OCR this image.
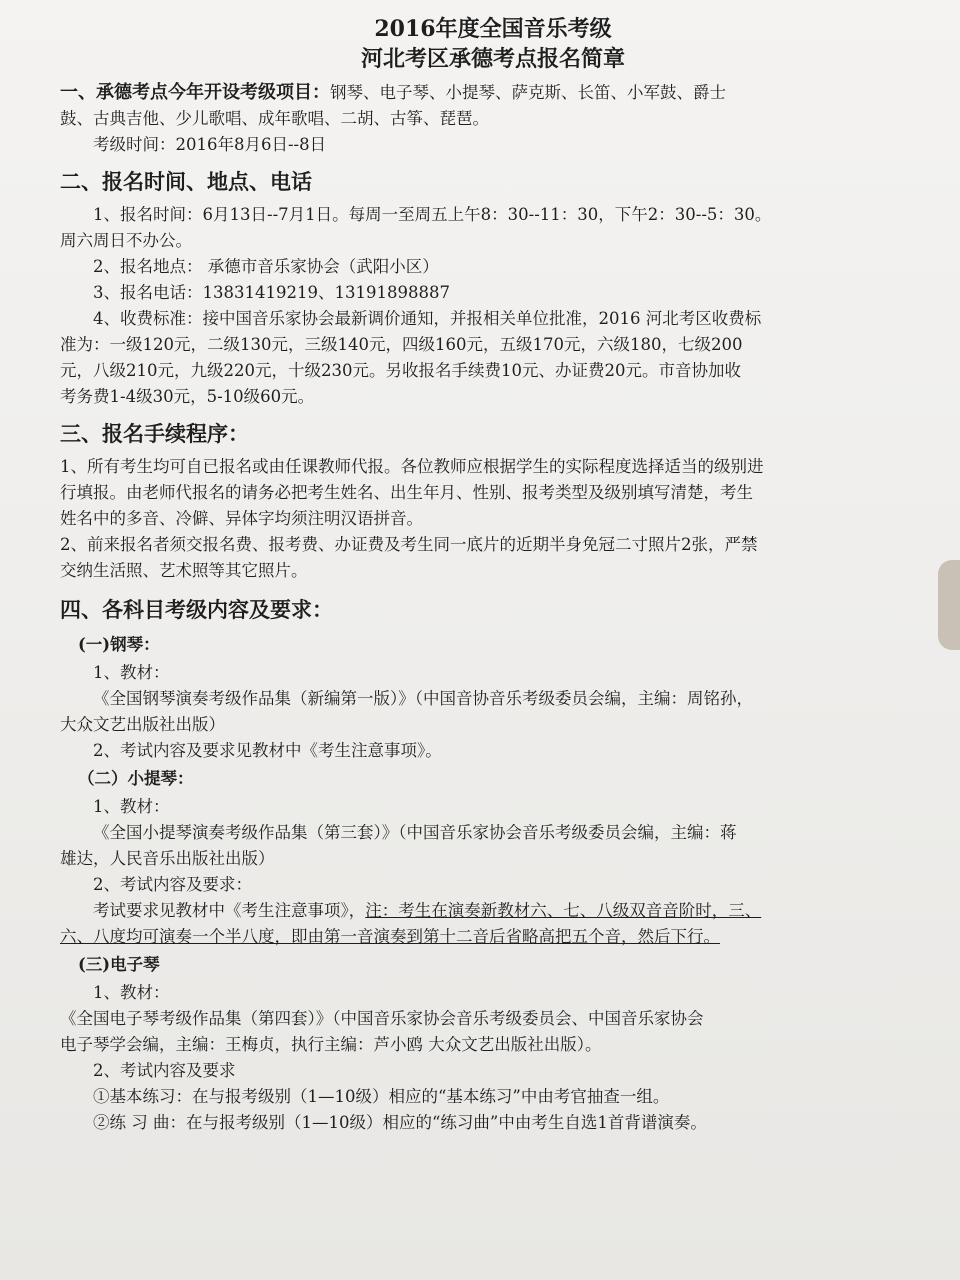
2016年度全国音乐考级
河北考区承德考点报名简章

一、承德考点今年开设考级项目：钢琴、电子琴、小提琴、萨克斯、长笛、小军鼓、爵士

鼓、古典吉他、少儿歌唱、成年歌唱、二胡、古筝、琵琶。

考级时间：2016年8月6日--8日

二、报名时间、地点、电话

1、报名时间：6月13日--7月1日。每周一至周五上午8：30--11：30，下午2：30--5：30。

周六周日不办公。

2、报名地点： 承德市音乐家协会（武阳小区）

3、报名电话：13831419219、13191898887

4、收费标准：接中国音乐家协会最新调价通知，并报相关单位批准，2016 河北考区收费标

准为：一级120元，二级130元，三级140元，四级160元，五级170元，六级180，七级200

元，八级210元，九级220元，十级230元。另收报名手续费10元、办证费20元。市音协加收

考务费1-4级30元，5-10级60元。

三、报名手续程序：

1、所有考生均可自已报名或由任课教师代报。各位教师应根据学生的实际程度选择适当的级别进

行填报。由老师代报名的请务必把考生姓名、出生年月、性别、报考类型及级别填写清楚，考生

姓名中的多音、冷僻、异体字均须注明汉语拼音。

2、前来报名者须交报名费、报考费、办证费及考生同一底片的近期半身免冠二寸照片2张，严禁

交纳生活照、艺术照等其它照片。

四、各科目考级内容及要求：
(一)钢琴：

1、教材：

《全国钢琴演奏考级作品集（新编第一版）》（中国音协音乐考级委员会编，主编：周铭孙，

大众文艺出版社出版）

2、考试内容及要求见教材中《考生注意事项》。

（二）小提琴：

1、教材：

《全国小提琴演奏考级作品集（第三套）》（中国音乐家协会音乐考级委员会编，主编：蒋

雄达，人民音乐出版社出版）

2、考试内容及要求：

考试要求见教材中《考生注意事项》，注：考生在演奏新教材六、七、八级双音音阶时，三、

六、八度均可演奏一个半八度，即由第一音演奏到第十二音后省略高把五个音，然后下行。

(三)电子琴

1、教材：

《全国电子琴考级作品集（第四套）》（中国音乐家协会音乐考级委员会、中国音乐家协会

电子琴学会编，主编：王梅贞，执行主编：芦小鸥 大众文艺出版社出版）。

2、考试内容及要求

①基本练习：在与报考级别（1—10级）相应的“基本练习”中由考官抽查一组。

②练 习 曲：在与报考级别（1—10级）相应的“练习曲”中由考生自选1首背谱演奏。
